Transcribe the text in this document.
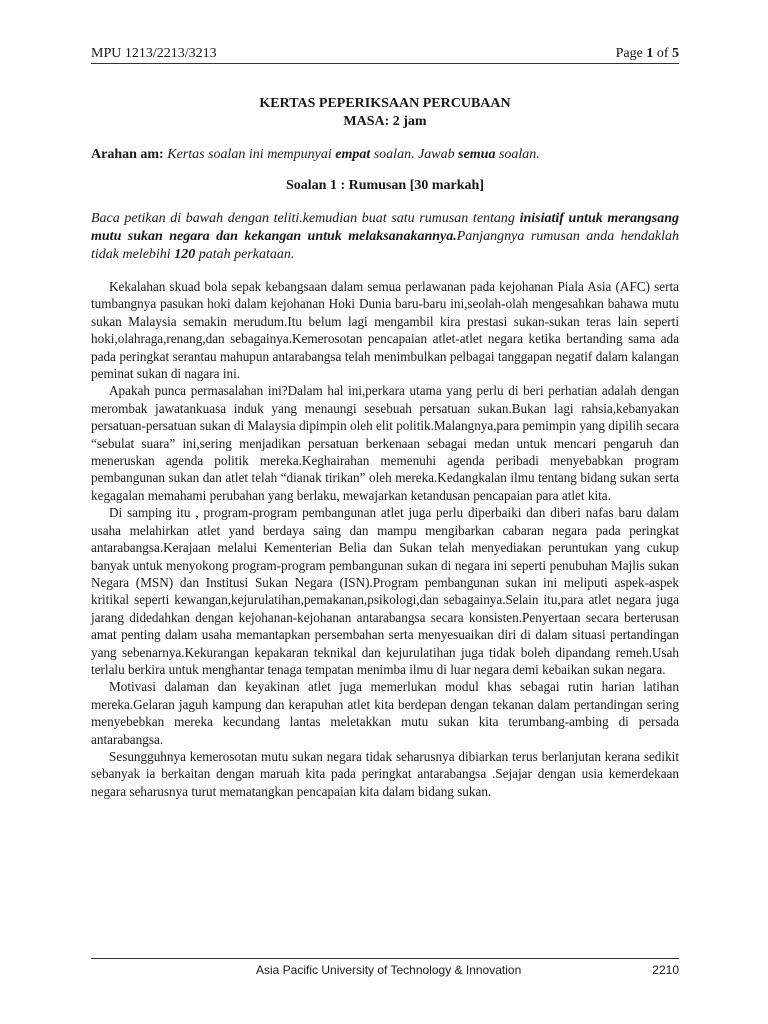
MPU 1213/2213/3213	Page 1 of 5
KERTAS PEPERIKSAAN PERCUBAAN
MASA: 2 jam
Arahan am: Kertas soalan ini mempunyai empat soalan. Jawab semua soalan.
Soalan 1 : Rumusan [30 markah]
Baca petikan di bawah dengan teliti.kemudian buat satu rumusan tentang inisiatif untuk merangsang mutu sukan negara dan kekangan untuk melaksanakannya.Panjangnya rumusan anda hendaklah tidak melebihi 120 patah perkataan.

Kekalahan skuad bola sepak kebangsaan dalam semua perlawanan pada kejohanan Piala Asia (AFC) serta tumbangnya pasukan hoki dalam kejohanan Hoki Dunia baru-baru ini,seolah-olah mengesahkan bahawa mutu sukan Malaysia semakin merudum.Itu belum lagi mengambil kira prestasi sukan-sukan teras lain seperti hoki,olahraga,renang,dan sebagainya.Kemerosotan pencapaian atlet-atlet negara ketika bertanding sama ada pada peringkat serantau mahupun antarabangsa telah menimbulkan pelbagai tanggapan negatif dalam kalangan peminat sukan di nagara ini.

Apakah punca permasalahan ini?Dalam hal ini,perkara utama yang perlu di beri perhatian adalah dengan merombak jawatankuasa induk yang menaungi sesebuah persatuan sukan.Bukan lagi rahsia,kebanyakan persatuan-persatuan sukan di Malaysia dipimpin oleh elit politik.Malangnya,para pemimpin yang dipilih secara “sebulat suara” ini,sering menjadikan persatuan berkenaan sebagai medan untuk mencari pengaruh dan meneruskan agenda politik mereka.Keghairahan memenuhi agenda peribadi menyebabkan program pembangunan sukan dan atlet telah “dianak tirikan” oleh mereka.Kedangkalan ilmu tentang bidang sukan serta kegagalan memahami perubahan yang berlaku, mewajarkan ketandusan pencapaian para atlet kita.

Di samping itu , program-program pembangunan atlet juga perlu diperbaiki dan diberi nafas baru dalam usaha melahirkan atlet yand berdaya saing dan mampu mengibarkan cabaran negara pada peringkat antarabangsa.Kerajaan melalui Kementerian Belia dan Sukan telah menyediakan peruntukan yang cukup banyak untuk menyokong program-program pembangunan sukan di negara ini seperti penubuhan Majlis sukan Negara (MSN) dan Institusi Sukan Negara (ISN).Program pembangunan sukan ini meliputi aspek-aspek kritikal seperti kewangan,kejurulatihan,pemakanan,psikologi,dan sebagainya.Selain itu,para atlet negara juga jarang didedahkan dengan kejohanan-kejohanan antarabangsa secara konsisten.Penyertaan secara berterusan amat penting dalam usaha memantapkan persembahan serta menyesuaikan diri di dalam situasi pertandingan yang sebenarnya.Kekurangan kepakaran teknikal dan kejurulatihan juga tidak boleh dipandang remeh.Usah terlalu berkira untuk menghantar tenaga tempatan menimba ilmu di luar negara demi kebaikan sukan negara.

Motivasi dalaman dan keyakinan atlet juga memerlukan modul khas sebagai rutin harian latihan mereka.Gelaran jaguh kampung dan kerapuhan atlet kita berdepan dengan tekanan dalam pertandingan sering menyebebkan mereka kecundang lantas meletakkan mutu sukan kita terumbang-ambing di persada antarabangsa.

Sesungguhnya kemerosotan mutu sukan negara tidak seharusnya dibiarkan terus berlanjutan kerana sedikit sebanyak ia berkaitan dengan maruah kita pada peringkat antarabangsa .Sejajar dengan usia kemerdekaan negara seharusnya turut mematangkan pencapaian kita dalam bidang sukan.

Asia Pacific University of Technology & Innovation	2210
